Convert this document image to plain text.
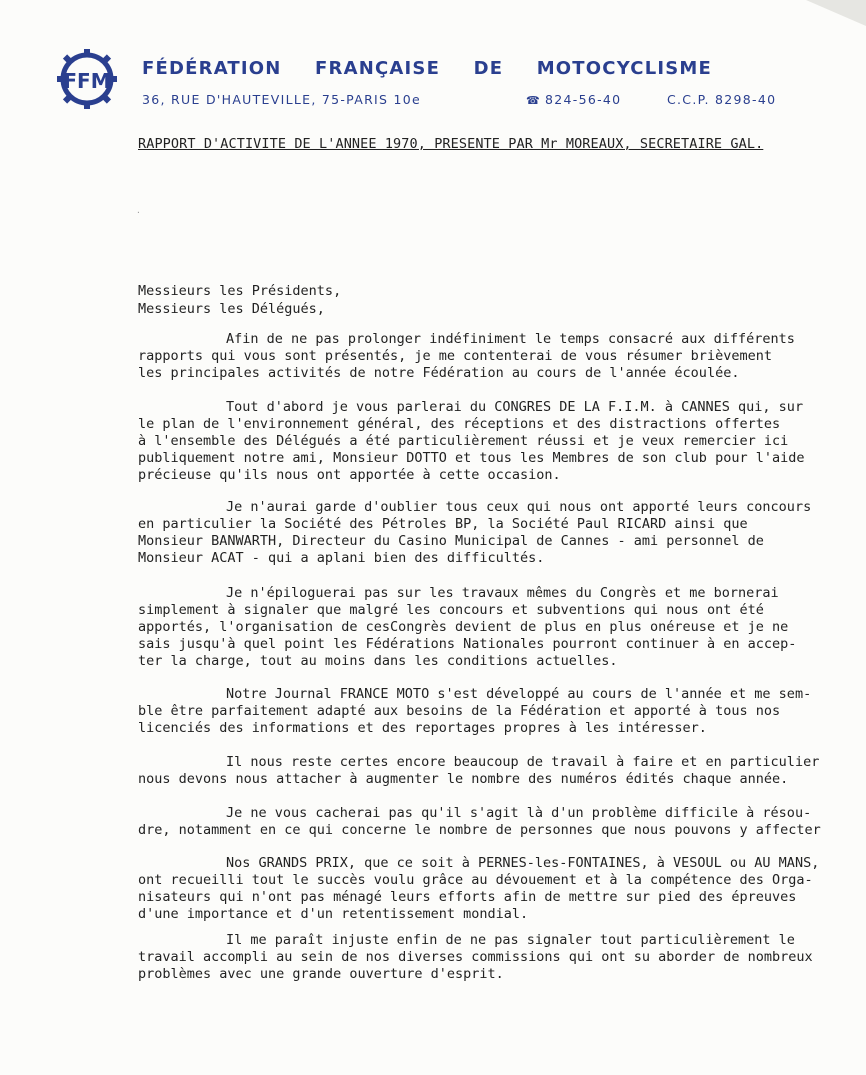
FFM
FÉDÉRATION FRANÇAISE DE MOTOCYCLISME
36, RUE D'HAUTEVILLE, 75-PARIS 10e	☎ 824-56-40	C.C.P. 8298-40
RAPPORT D'ACTIVITE DE L'ANNEE 1970, PRESENTE PAR Mr MOREAUX, SECRETAIRE GAL.
·
Messieurs les Présidents,
Messieurs les Délégués,
Afin de ne pas prolonger indéfiniment le temps consacré aux différents
rapports qui vous sont présentés, je me contenterai de vous résumer brièvement
les principales activités de notre Fédération au cours de l'année écoulée.
Tout d'abord je vous parlerai du CONGRES DE LA F.I.M. à CANNES qui, sur
le plan de l'environnement général, des réceptions et des distractions offertes
à l'ensemble des Délégués a été particulièrement réussi et je veux remercier ici
publiquement notre ami, Monsieur DOTTO et tous les Membres de son club pour l'aide
précieuse qu'ils nous ont apportée à cette occasion.
Je n'aurai garde d'oublier tous ceux qui nous ont apporté leurs concours
en particulier la Société des Pétroles BP, la Société Paul RICARD ainsi que
Monsieur BANWARTH, Directeur du Casino Municipal de Cannes - ami personnel de
Monsieur ACAT - qui a aplani bien des difficultés.
Je n'épiloguerai pas sur les travaux mêmes du Congrès et me bornerai
simplement à signaler que malgré les concours et subventions qui nous ont été
apportés, l'organisation de cesCongrès devient de plus en plus onéreuse et je ne
sais jusqu'à quel point les Fédérations Nationales pourront continuer à en accep-
ter la charge, tout au moins dans les conditions actuelles.
Notre Journal FRANCE MOTO s'est développé au cours de l'année et me sem-
ble être parfaitement adapté aux besoins de la Fédération et apporté à tous nos
licenciés des informations et des reportages propres à les intéresser.
Il nous reste certes encore beaucoup de travail à faire et en particulier
nous devons nous attacher à augmenter le nombre des numéros édités chaque année.
Je ne vous cacherai pas qu'il s'agit là d'un problème difficile à résou-
dre, notamment en ce qui concerne le nombre de personnes que nous pouvons y affecter
Nos GRANDS PRIX, que ce soit à PERNES-les-FONTAINES, à VESOUL ou AU MANS,
ont recueilli tout le succès voulu grâce au dévouement et à la compétence des Orga-
nisateurs qui n'ont pas ménagé leurs efforts afin de mettre sur pied des épreuves
d'une importance et d'un retentissement mondial.
Il me paraît injuste enfin de ne pas signaler tout particulièrement le
travail accompli au sein de nos diverses commissions qui ont su aborder de nombreux
problèmes avec une grande ouverture d'esprit.
